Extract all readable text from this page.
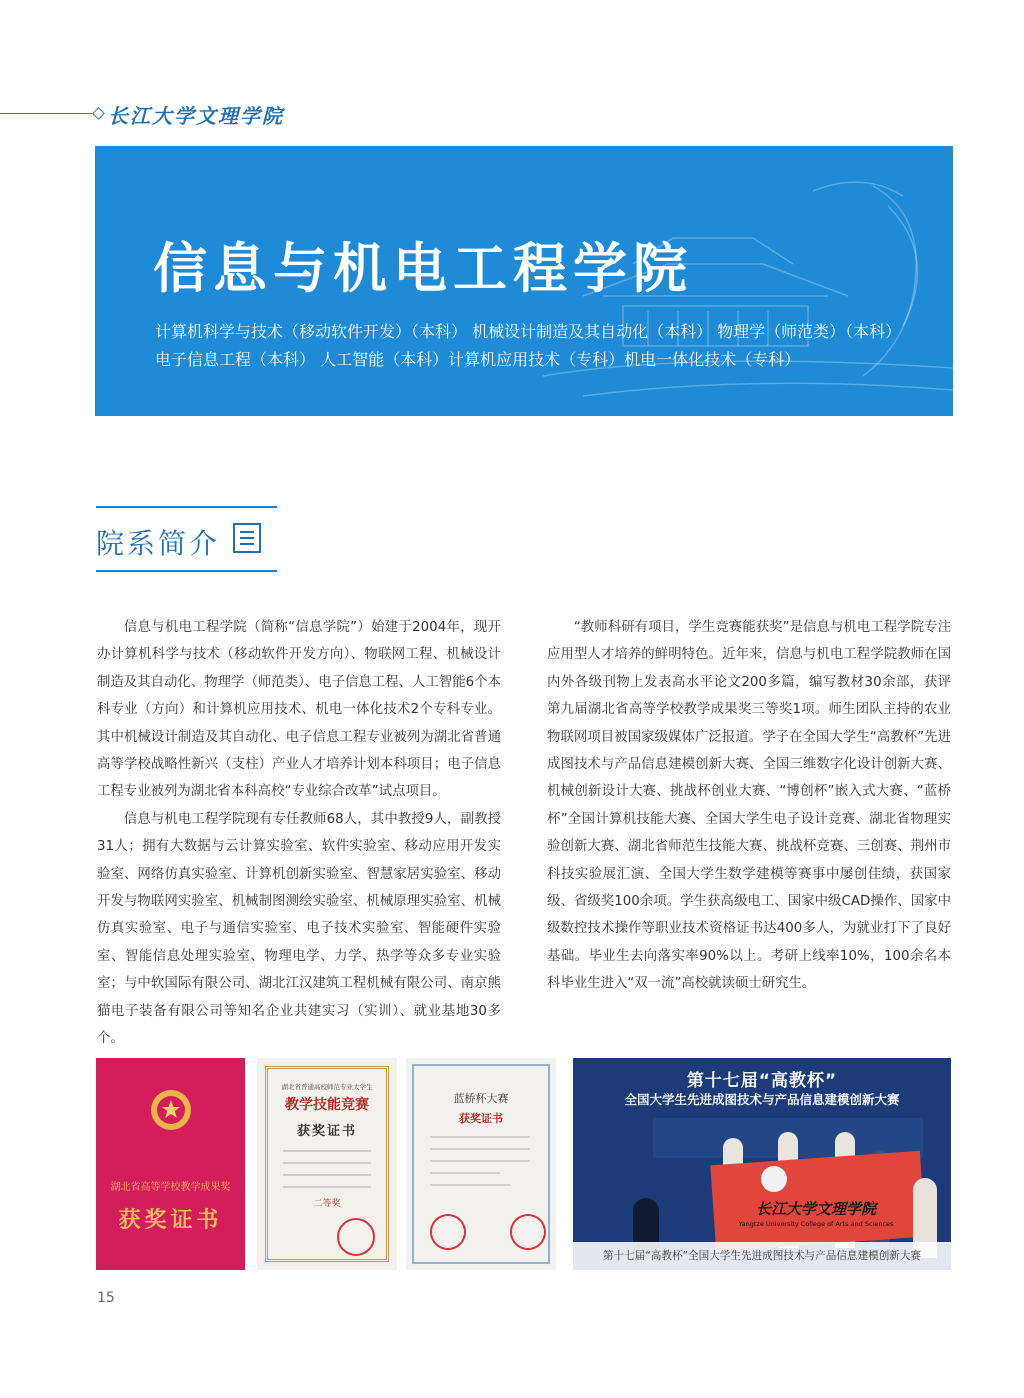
长江大学文理学院
信息与机电工程学院
计算机科学与技术（移动软件开发）（本科） 机械设计制造及其自动化（本科） 物理学（师范类）（本科）
电子信息工程（本科） 人工智能（本科）计算机应用技术（专科）机电一体化技术（专科）
院系简介

信息与机电工程学院（简称“信息学院”）始建于2004年，现开办计算机科学与技术（移动软件开发方向）、物联网工程、机械设计制造及其自动化、物理学（师范类）、电子信息工程、人工智能6个本科专业（方向）和计算机应用技术、机电一体化技术2个专科专业。其中机械设计制造及其自动化、电子信息工程专业被列为湖北省普通高等学校战略性新兴（支柱）产业人才培养计划本科项目；电子信息工程专业被列为湖北省本科高校“专业综合改革”试点项目。

信息与机电工程学院现有专任教师68人，其中教授9人，副教授31人；拥有大数据与云计算实验室、软件实验室、移动应用开发实验室、网络仿真实验室、计算机创新实验室、智慧家居实验室、移动开发与物联网实验室、机械制图测绘实验室、机械原理实验室、机械仿真实验室、电子与通信实验室、电子技术实验室、智能硬件实验室、智能信息处理实验室、物理电学、力学、热学等众多专业实验室；与中软国际有限公司、湖北江汉建筑工程机械有限公司、南京熊猫电子装备有限公司等知名企业共建实习（实训）、就业基地30多个。

“教师科研有项目，学生竞赛能获奖”是信息与机电工程学院专注应用型人才培养的鲜明特色。近年来，信息与机电工程学院教师在国内外各级刊物上发表高水平论文200多篇，编写教材30余部，获评第九届湖北省高等学校教学成果奖三等奖1项。师生团队主持的农业物联网项目被国家级媒体广泛报道。学子在全国大学生“高教杯”先进成图技术与产品信息建模创新大赛、全国三维数字化设计创新大赛、机械创新设计大赛、挑战杯创业大赛、“博创杯”嵌入式大赛、“蓝桥杯”全国计算机技能大赛、全国大学生电子设计竞赛、湖北省物理实验创新大赛、湖北省师范生技能大赛、挑战杯竞赛、三创赛、荆州市科技实验展汇演、全国大学生数学建模等赛事中屡创佳绩，获国家级、省级奖100余项。学生获高级电工、国家中级CAD操作、国家中级数控技术操作等职业技术资格证书达400多人，为就业打下了良好基础。毕业生去向落实率90%以上。考研上线率10%，100余名本科毕业生进入“双一流”高校就读硕士研究生。

湖北省高等学校教学成果奖
获奖证书
湖北省普通高校师范专业大学生
教学技能竞赛
获奖证书
二等奖
蓝桥杯大赛
获奖证书
第十七届“高教杯”
全国大学生先进成图技术与产品信息建模创新大赛
长江大学文理学院
Yangtze University College of Arts and Sciences
第十七届“高教杯”全国大学生先进成图技术与产品信息建模创新大赛
15
